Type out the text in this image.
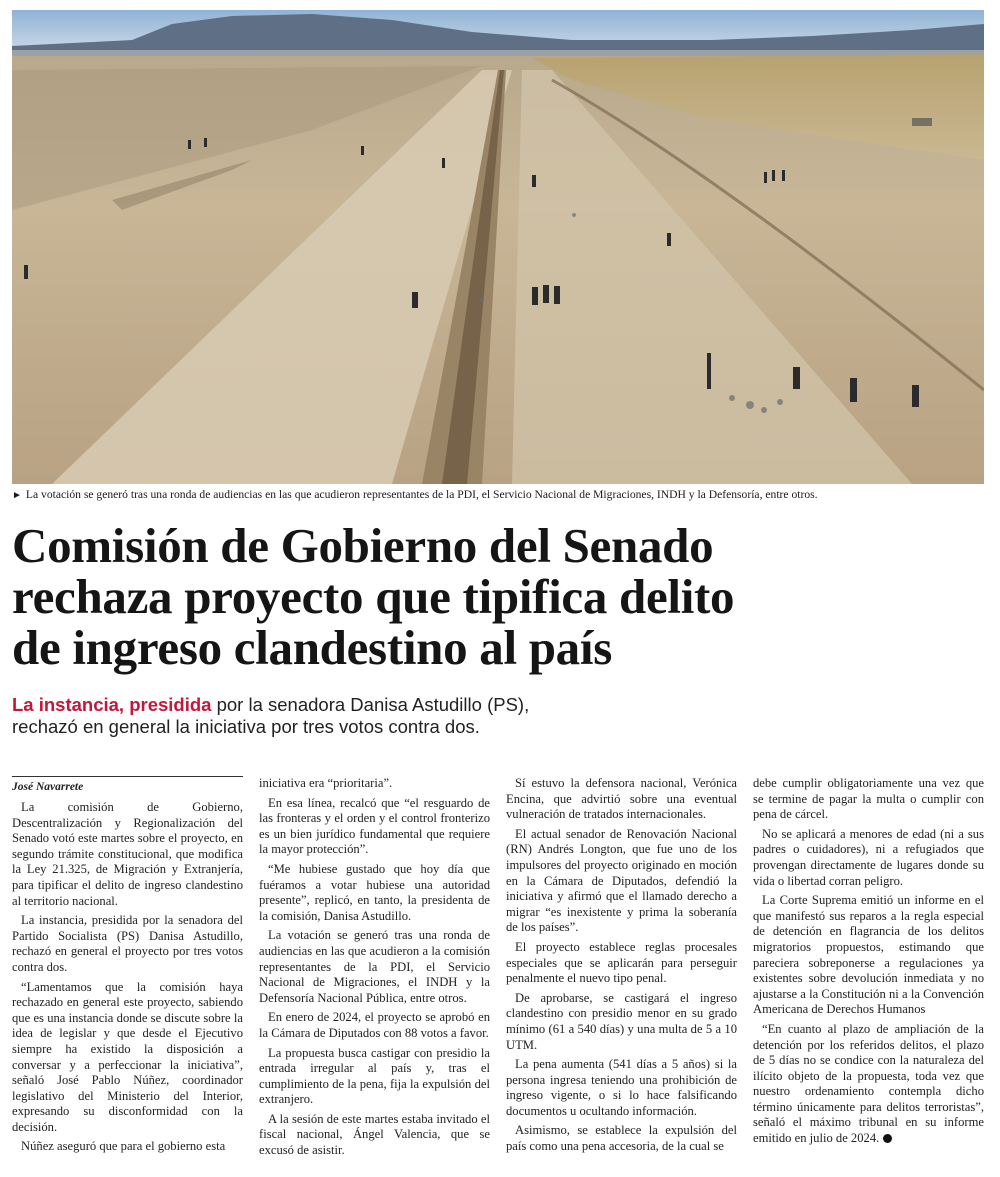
► La votación se generó tras una ronda de audiencias en las que acudieron representantes de la PDI, el Servicio Nacional de Migraciones, INDH y la Defensoría, entre otros.
Comisión de Gobierno del Senado
rechaza proyecto que tipifica delito
de ingreso clandestino al país
La instancia, presidida por la senadora Danisa Astudillo (PS),
rechazó en general la iniciativa por tres votos contra dos.
José Navarrete

La comisión de Gobierno, Descentralización y Regionalización del Senado votó este martes sobre el proyecto, en segundo trámite constitucional, que modifica la Ley 21.325, de Migración y Extranjería, para tipificar el delito de ingreso clandestino al territorio nacional.

La instancia, presidida por la senadora del Partido Socialista (PS) Danisa Astudillo, rechazó en general el proyecto por tres votos contra dos.

“Lamentamos que la comisión haya rechazado en general este proyecto, sabiendo que es una instancia donde se discute sobre la idea de legislar y que desde el Ejecutivo siempre ha existido la disposición a conversar y a perfeccionar la iniciativa”, señaló José Pablo Núñez, coordinador legislativo del Ministerio del Interior, expresando su disconformidad con la decisión.

Núñez aseguró que para el gobierno esta

iniciativa era “prioritaria”.

En esa línea, recalcó que “el resguardo de las fronteras y el orden y el control fronterizo es un bien jurídico fundamental que requiere la mayor protección”.

“Me hubiese gustado que hoy día que fuéramos a votar hubiese una autoridad presente”, replicó, en tanto, la presidenta de la comisión, Danisa Astudillo.

La votación se generó tras una ronda de audiencias en las que acudieron a la comisión representantes de la PDI, el Servicio Nacional de Migraciones, el INDH y la Defensoría Nacional Pública, entre otros.

En enero de 2024, el proyecto se aprobó en la Cámara de Diputados con 88 votos a favor.

La propuesta busca castigar con presidio la entrada irregular al país y, tras el cumplimiento de la pena, fija la expulsión del extranjero.

A la sesión de este martes estaba invitado el fiscal nacional, Ángel Valencia, que se excusó de asistir.

Sí estuvo la defensora nacional, Verónica Encina, que advirtió sobre una eventual vulneración de tratados internacionales.

El actual senador de Renovación Nacional (RN) Andrés Longton, que fue uno de los impulsores del proyecto originado en moción en la Cámara de Diputados, defendió la iniciativa y afirmó que el llamado derecho a migrar “es inexistente y prima la soberanía de los países”.

El proyecto establece reglas procesales especiales que se aplicarán para perseguir penalmente el nuevo tipo penal.

De aprobarse, se castigará el ingreso clandestino con presidio menor en su grado mínimo (61 a 540 días) y una multa de 5 a 10 UTM.

La pena aumenta (541 días a 5 años) si la persona ingresa teniendo una prohibición de ingreso vigente, o si lo hace falsificando documentos u ocultando información.

Asimismo, se establece la expulsión del país como una pena accesoria, de la cual se

debe cumplir obligatoriamente una vez que se termine de pagar la multa o cumplir con pena de cárcel.

No se aplicará a menores de edad (ni a sus padres o cuidadores), ni a refugiados que provengan directamente de lugares donde su vida o libertad corran peligro.

La Corte Suprema emitió un informe en el que manifestó sus reparos a la regla especial de detención en flagrancia de los delitos migratorios propuestos, estimando que pareciera sobreponerse a regulaciones ya existentes sobre devolución inmediata y no ajustarse a la Constitución ni a la Convención Americana de Derechos Humanos

“En cuanto al plazo de ampliación de la detención por los referidos delitos, el plazo de 5 días no se condice con la naturaleza del ilícito objeto de la propuesta, toda vez que nuestro ordenamiento contempla dicho término únicamente para delitos terroristas”, señaló el máximo tribunal en su informe emitido en julio de 2024.
